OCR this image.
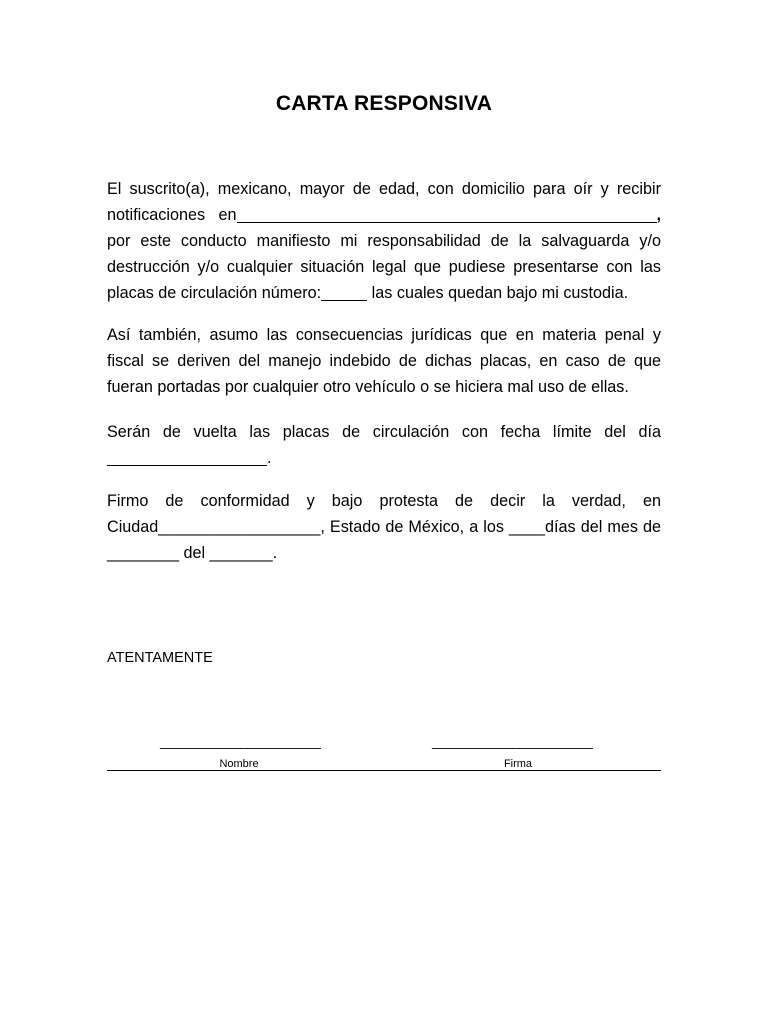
CARTA RESPONSIVA
El suscrito(a), mexicano, mayor de edad, con domicilio para oír y recibir notificaciones en	, por este conducto manifiesto mi responsabilidad de la salvaguarda y/o destrucción y/o cualquier situación legal que pudiese presentarse con las placas de circulación número:	las cuales quedan bajo mi custodia.
Así también, asumo las consecuencias jurídicas que en materia penal y fiscal se deriven del manejo indebido de dichas placas, en caso de que fueran portadas por cualquier otro vehículo o se hiciera mal uso de ellas.
Serán de vuelta las placas de circulación con fecha límite del día .
Firmo de conformidad y bajo protesta de decir la verdad, en Ciudad__________________, Estado de México, a los ____días del mes de ________ del _______.
ATENTAMENTE
______________________	______________________
Nombre	Firma
